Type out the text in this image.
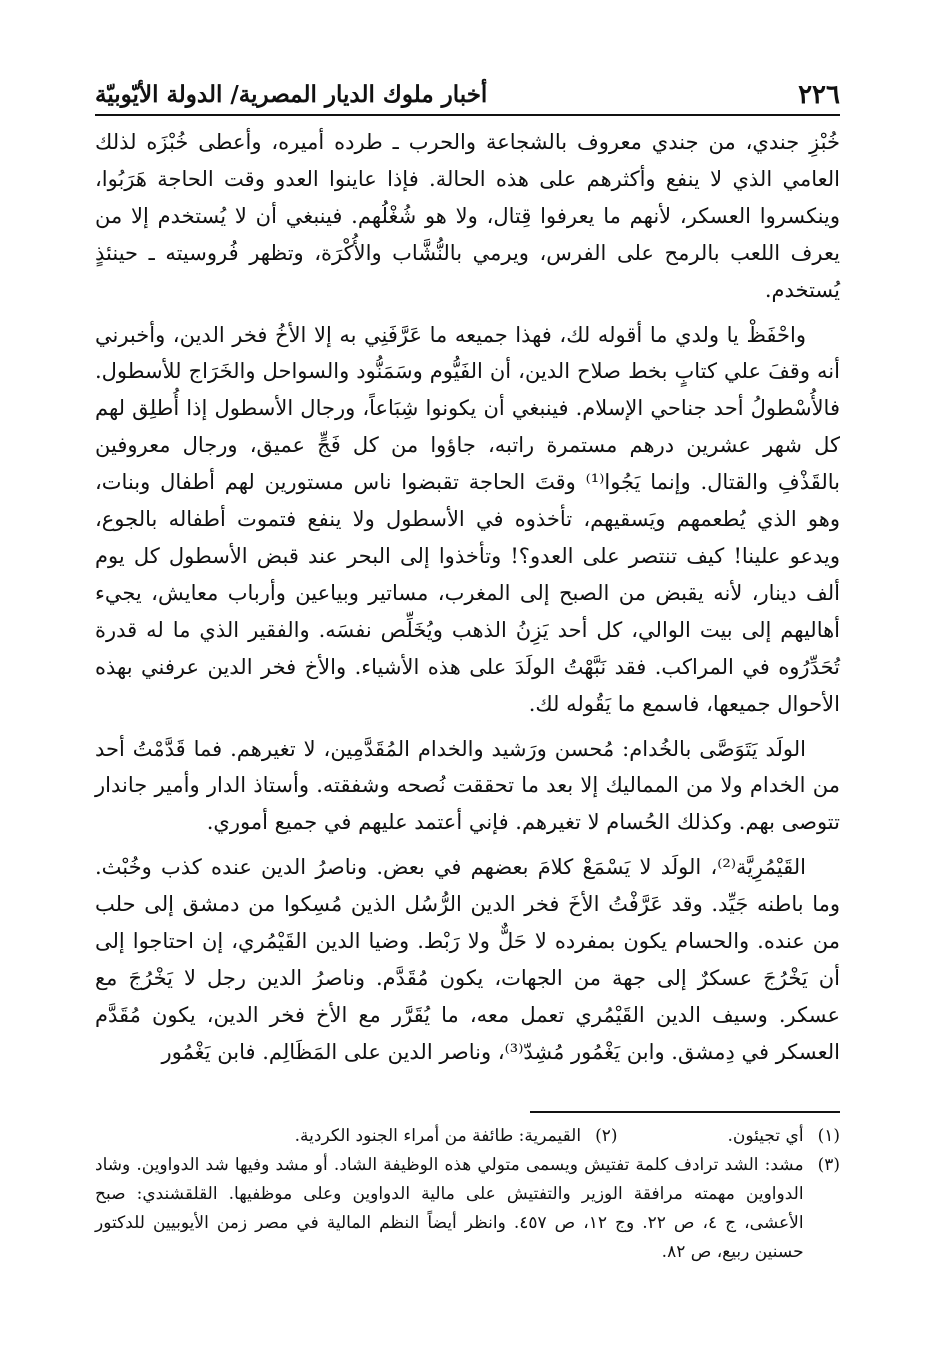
٢٢٦
أخبار ملوك الديار المصرية/ الدولة الأيّوبيّة

خُبْزِ جندي، من جندي معروف بالشجاعة والحرب ـ طرده أميره، وأعطى خُبْزَه لذلك العامي الذي لا ينفع وأكثرهم على هذه الحالة. فإذا عاينوا العدو وقت الحاجة هَرَبُوا، وينكسروا العسكر، لأنهم ما يعرفوا قِتال، ولا هو شُغْلُهم. فينبغي أن لا يُستخدم إلا من يعرف اللعب بالرمح على الفرس، ويرمي بالنُّشَّاب والأُكْرَة، وتظهر فُروسيته ـ حينئذٍ يُستخدم.

واحْفَظْ يا ولدي ما أقوله لك، فهذا جميعه ما عَرَّفَنِي به إلا الأخُ فخر الدين، وأخبرني أنه وقفَ علي كتابٍ بخط صلاح الدين، أن الفَيُّوم وسَمَنُّود والسواحل والخَرَاج للأسطول. فالأُسْطولُ أحد جناحي الإسلام. فينبغي أن يكونوا شِبَاعاً، ورجال الأسطول إذا أُطلِق لهم كل شهر عشرين درهم مستمرة راتبه، جاؤوا من كل فَجٍّ عميق، ورجال معروفين بالقَذْفِ والقتال. وإنما يَجُوا⁽¹⁾ وقتَ الحاجة تقبضوا ناس مستورين لهم أطفال وبنات، وهو الذي يُطعمهم ويَسقيهم، تأخذوه في الأسطول ولا ينفع فتموت أطفاله بالجوع، ويدعو علينا! كيف تنتصر على العدو؟! وتأخذوا إلى البحر عند قبض الأسطول كل يوم ألف دينار، لأنه يقبض من الصبح إلى المغرب، مساتير وبياعين وأرباب معايش، يجيء أهاليهم إلى بيت الوالي، كل أحد يَزِنُ الذهب ويُخَلِّص نفسَه. والفقير الذي ما له قدرة تُحَدِّرُوه في المراكب. فقد نَبَّهْتُ الولَدَ على هذه الأشياء. والأخ فخر الدين عرفني بهذه الأحوال جميعها، فاسمع ما يَقُوله لك.

الولَد يَتَوَصَّى بالخُدام: مُحسن ورَشيد والخدام المُقَدَّمِين، لا تغيرهم. فما قَدَّمْتُ أحد من الخدام ولا من المماليك إلا بعد ما تحققت نُصحه وشفقته. وأستاذ الدار وأمير جاندار تتوصى بهم. وكذلك الحُسام لا تغيرهم. فإني أعتمد عليهم في جميع أموري.

القَيْمُرِيَّة⁽²⁾، الولَد لا يَسْمَعْ كلامَ بعضهم في بعض. وناصرُ الدين عنده كذب وخُبْث. وما باطنه جَيِّد. وقد عَرَّفْتُ الأخَ فخر الدين الرُّسُل الذين مُسِكوا من دمشق إلى حلب من عنده. والحسام يكون بمفرده لا حَلٌّ ولا رَبْط. وضيا الدين القَيْمُري، إن احتاجوا إلى أن يَخْرُجَ عسكرٌ إلى جهة من الجهات، يكون مُقَدَّم. وناصرُ الدين رجل لا يَخْرُجَ مع عسكر. وسيف الدين القَيْمُري تعمل معه، ما يُقَرَّر مع الأخ فخر الدين، يكون مُقَدَّم العسكر في دِمشق. وابن يَغْمُور مُشِدّ⁽³⁾، وناصر الدين على المَظَالِم. فابن يَغْمُور

(١)
أي تجيئون.
(٢)
القيمرية: طائفة من أمراء الجنود الكردية.
(٣)
مشد: الشد ترادف كلمة تفتيش ويسمى متولي هذه الوظيفة الشاد. أو مشد وفيها شد الدواوين. وشاد الدواوين مهمته مرافقة الوزير والتفتيش على مالية الدواوين وعلى موظفيها. القلقشندي: صبح الأعشى، ج ٤، ص ٢٢. وج ١٢، ص ٤٥٧. وانظر أيضاً النظم المالية في مصر زمن الأيوبيين للدكتور حسنين ربيع، ص ٨٢.
